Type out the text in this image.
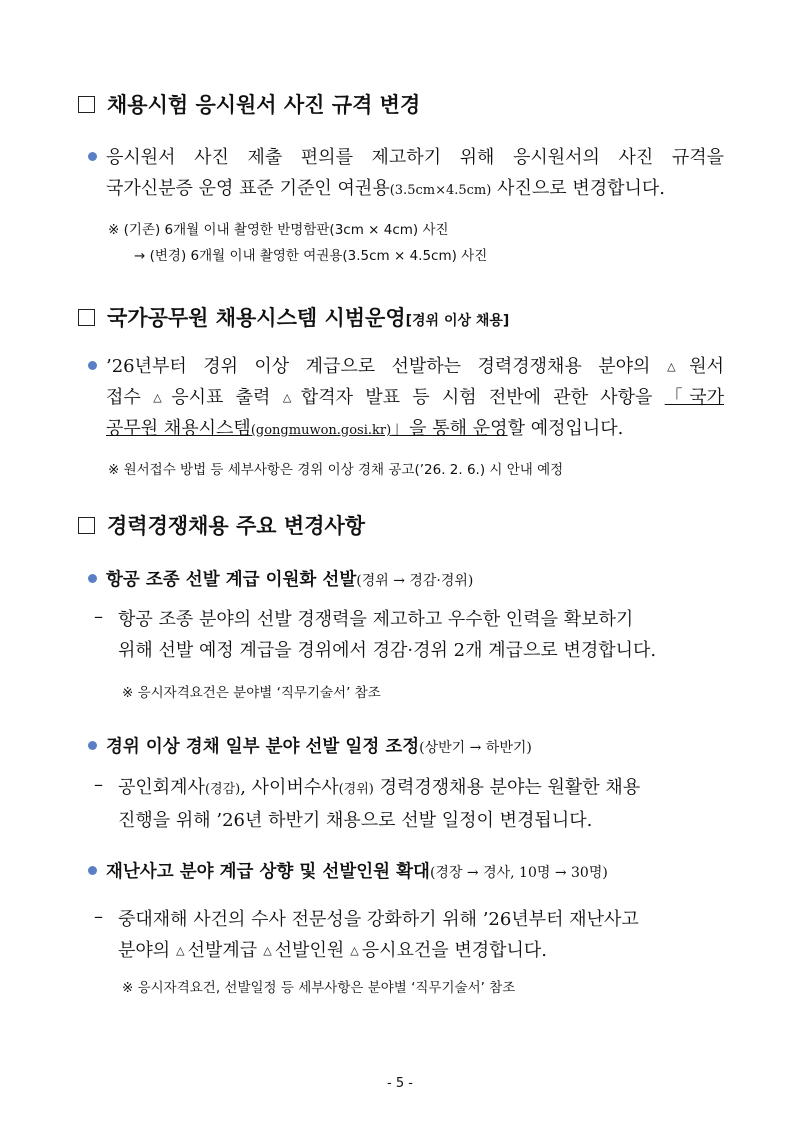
채용시험 응시원서 사진 규격 변경
응시원서 사진 제출 편의를 제고하기 위해 응시원서의 사진 규격을
국가신분증 운영 표준 기준인 여권용(3.5cm×4.5cm) 사진으로 변경합니다.
※ (기존) 6개월 이내 촬영한 반명함판(3cm × 4cm) 사진
→ (변경) 6개월 이내 촬영한 여권용(3.5cm × 4.5cm) 사진
국가공무원 채용시스템 시범운영[경위 이상 채용]
’26년부터 경위 이상 계급으로 선발하는 경력경쟁채용 분야의 △ 원서
접수 △ 응시표 출력 △ 합격자 발표 등 시험 전반에 관한 사항을 「국가
공무원 채용시스템(gongmuwon.gosi.kr)」을 통해 운영할 예정입니다.
※ 원서접수 방법 등 세부사항은 경위 이상 경채 공고(’26. 2. 6.) 시 안내 예정
경력경쟁채용 주요 변경사항
항공 조종 선발 계급 이원화 선발(경위 → 경감·경위)
– 항공 조종 분야의 선발 경쟁력을 제고하고 우수한 인력을 확보하기
위해 선발 예정 계급을 경위에서 경감·경위 2개 계급으로 변경합니다.
※ 응시자격요건은 분야별 ‘직무기술서’ 참조
경위 이상 경채 일부 분야 선발 일정 조정(상반기 → 하반기)
– 공인회계사(경감), 사이버수사(경위) 경력경쟁채용 분야는 원활한 채용
진행을 위해 ’26년 하반기 채용으로 선발 일정이 변경됩니다.
재난사고 분야 계급 상향 및 선발인원 확대(경장 → 경사, 10명 → 30명)
– 중대재해 사건의 수사 전문성을 강화하기 위해 ’26년부터 재난사고
분야의 △ 선발계급 △ 선발인원 △ 응시요건을 변경합니다.
※ 응시자격요건, 선발일정 등 세부사항은 분야별 ‘직무기술서’ 참조
- 5 -
